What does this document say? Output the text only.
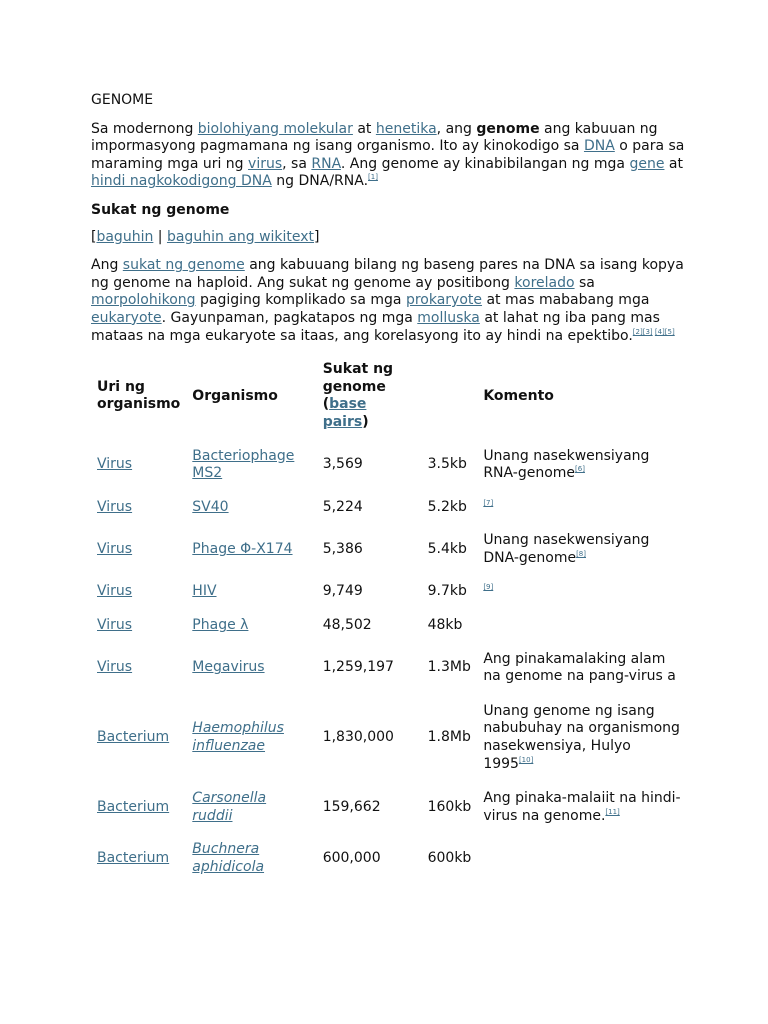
GENOME

Sa modernong biolohiyang molekular at henetika, ang genome ang kabuuan ng impormasyong pagmamana ng isang organismo. Ito ay kinokodigo sa DNA o para sa maraming mga uri ng virus, sa RNA. Ang genome ay kinabibilangan ng mga gene at hindi nagkokodigong DNA ng DNA/RNA.[1]

Sukat ng genome

[baguhin | baguhin ang wikitext]

Ang sukat ng genome ang kabuuang bilang ng baseng pares na DNA sa isang kopya ng genome na haploid. Ang sukat ng genome ay positibong korelado sa morpolohikong pagiging komplikado sa mga prokaryote at mas mababang mga eukaryote. Gayunpaman, pagkatapos ng mga molluska at lahat ng iba pang mas mataas na mga eukaryote sa itaas, ang korelasyong ito ay hindi na epektibo.[2][3] [4][5]

Uri ng organismo	Organismo	Sukat ng genome (base pairs)		Komento
Virus	Bacteriophage MS2	3,569	3.5kb	Unang nasekwensiyang RNA-genome[6]
Virus	SV40	5,224	5.2kb	[7]
Virus	Phage Φ-X174	5,386	5.4kb	Unang nasekwensiyang DNA-genome[8]
Virus	HIV	9,749	9.7kb	[9]
Virus	Phage λ	48,502	48kb	
Virus	Megavirus	1,259,197	1.3Mb	Ang pinakamalaking alam na genome na pang-virus a
Bacterium	Haemophilus influenzae	1,830,000	1.8Mb	Unang genome ng isang nabubuhay na organismong nasekwensiya, Hulyo 1995[10]
Bacterium	Carsonella ruddii	159,662	160kb	Ang pinaka-malaiit na hindi-virus na genome.[11]
Bacterium	Buchnera aphidicola	600,000	600kb	
